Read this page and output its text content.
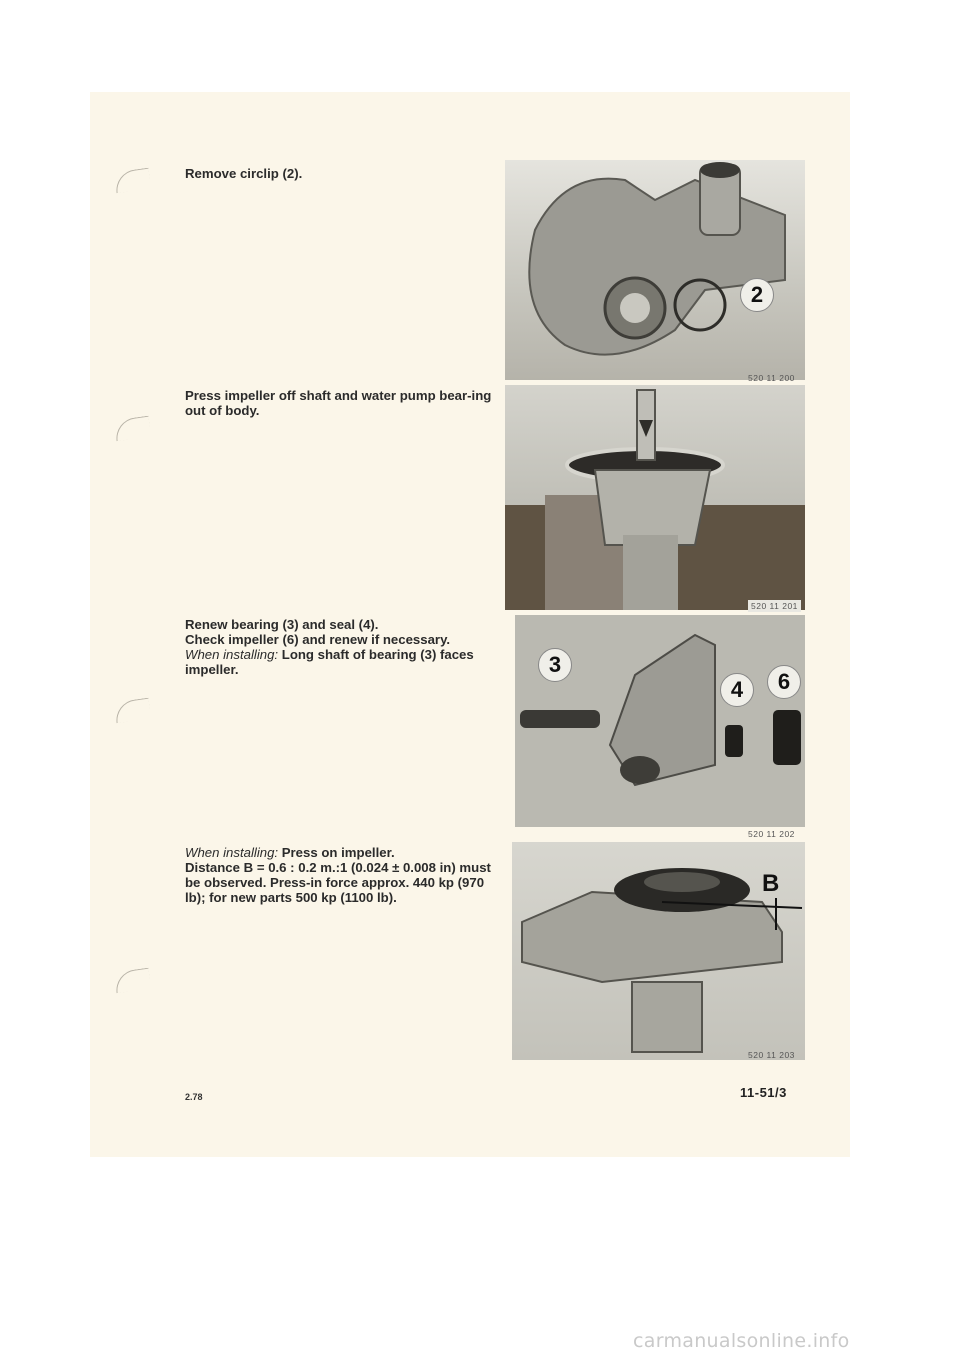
Remove circlip (2).

2
520 11 200

Press impeller off shaft and water pump bear-ing out of body.

520 11 201

Renew bearing (3) and seal (4).

Check impeller (6) and renew if necessary.

When installing: Long shaft of bearing (3) faces impeller.	3
4	6
520 11 202

When installing: Press on impeller.

Distance B = 0.6 : 0.2 m.:1 (0.024 ± 0.008 in) must be observed. Press-in force approx. 440 kp (970 lb); for new parts 500 kp (1100 lb).

B
520 11 203
2.78	11-51/3
carmanualsonline.info
